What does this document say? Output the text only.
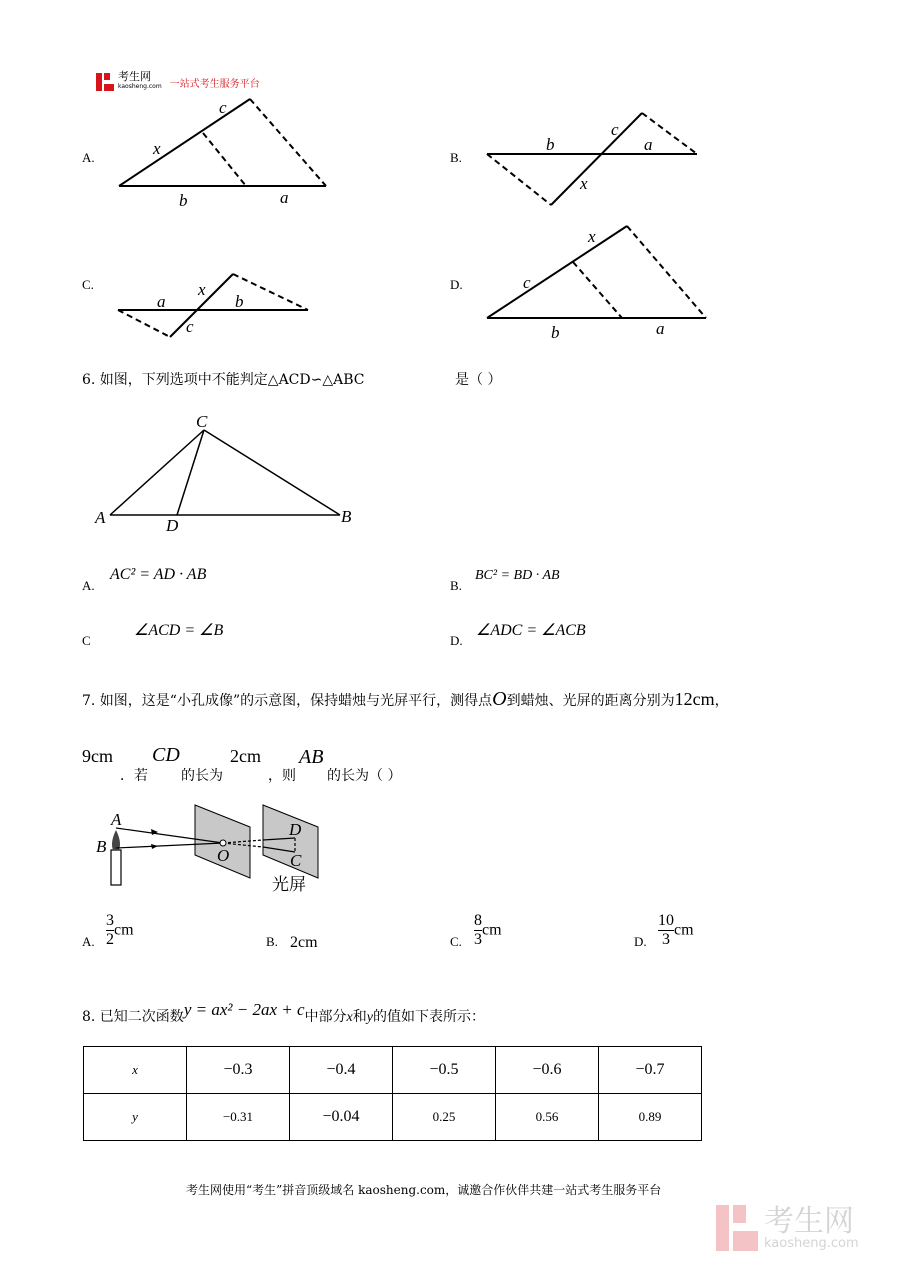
考生网
kaosheng.com 一站式考生服务平台
A.	B.
C.	D.
c
x
b	a
b
c
a
x
a
x
b
c
x
c
b	a
6. 如图，下列选项中不能判定△ACD∽△ABC	是（ ）
C
A	D	B
A.
AC² = AD · AB
B.
BC² = BD · AB
C
∠ACD = ∠B
D.
∠ADC = ∠ACB
7. 如图，这是“小孔成像”的示意图，保持蜡烛与光屏平行，测得点O到蜡烛、光屏的距离分别为12cm，
9cm
．若
CD
的长为
2cm
，则
AB
的长为（ ）
A
B	O
D
C
光屏
A. $\frac{3}{2}$ cm
B. 2cm	C. $\frac{8}{3}$ cm
D. $\frac{10}{3}$ cm
8. 已知二次函数y = ax² − 2ax + c中部分x和y的值如下表所示：
x	−0.3	−0.4	−0.5	−0.6	−0.7
y	−0.31	−0.04	0.25	0.56	0.89
考生网使用“考生”拼音顶级域名 kaosheng.com，诚邀合作伙伴共建一站式考生服务平台
考生网
kaosheng.com
